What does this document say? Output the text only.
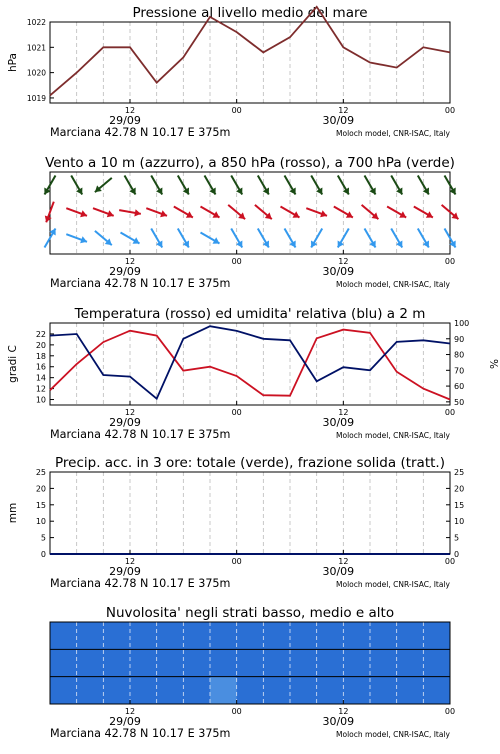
Pressione al livello medio del mare
1019
1020
1021
1022
hPa
12	00	12	00
29/09	30/09
Marciana 42.78 N 10.17 E 375m	Moloch model, CNR-ISAC, Italy
Vento a 10 m (azzurro), a 850 hPa (rosso), a 700 hPa (verde)
12	00	12	00
29/09	30/09
Marciana 42.78 N 10.17 E 375m	Moloch model, CNR-ISAC, Italy
Temperatura (rosso) ed umidita' relativa (blu) a 2 m
10
12
14
16
18
20
22
50
60
70
80
90
100
gradi C	%
12	00	12	00
29/09	30/09
Marciana 42.78 N 10.17 E 375m	Moloch model, CNR-ISAC, Italy
Precip. acc. in 3 ore: totale (verde), frazione solida (tratt.)
0
5
10
15
20
25
0
5
10
15
20
25
mm
12	00	12	00
29/09	30/09
Marciana 42.78 N 10.17 E 375m	Moloch model, CNR-ISAC, Italy
Nuvolosita' negli strati basso, medio e alto
12	00	12	00
29/09	30/09
Marciana 42.78 N 10.17 E 375m	Moloch model, CNR-ISAC, Italy
